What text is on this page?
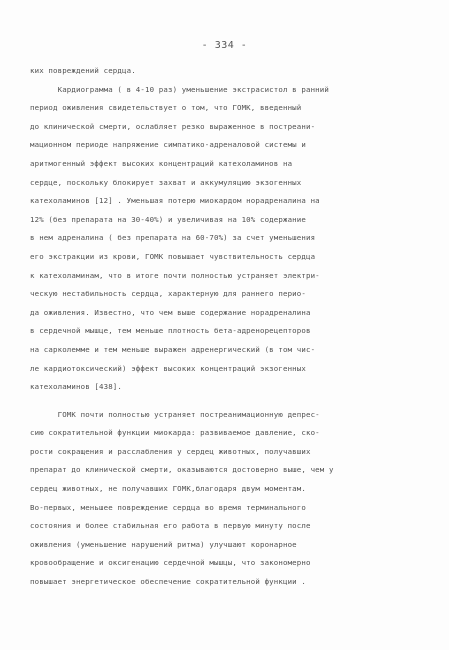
- 334 -
ких повреждений сердца.
Кардиограмма ( в 4-10 раз) уменьшение экстрасистол в ранний
период оживления свидетельствует о том, что ГОМК, введенный
до клинической смерти, ослабляет резко выраженное в постреани-
мационном периоде напряжение симпатико-адреналовой системы и
аритмогенный эффект высоких концентраций катехоламинов на
сердце, поскольку блокирует захват и аккумуляцию экзогенных
катехоламинов [12] . Уменьшая потерю миокардом норадреналина на
12% (без препарата на 30-40%) и увеличивая на 10% содержание
в нем адреналина ( без препарата на 60-70%) за счет уменьшения
его экстракции из крови, ГОМК повышает чувствительность сердца
к катехоламинам, что в итоге почти полностью устраняет электри-
ческую нестабильность сердца, характерную для раннего перио-
да оживления. Известно, что чем выше содержание норадреналина
в сердечной мышце, тем меньше плотность бета-адренорецепторов
на сарколемме и тем меньше выражен адренергический (в том чис-
ле кардиотоксический) эффект высоких концентраций экзогенных
катехоламинов [438].
ГОМК почти полностью устраняет постреанимационную депрес-
сию сократительной функции миокарда: развиваемое давление, ско-
рости сокращения и расслабления у сердец животных, получавших
препарат до клинической смерти, оказываются достоверно выше, чем у
сердец животных, не получавших ГОМК,благодаря двум моментам.
Во-первых, меньшее повреждение сердца во время терминального
состояния и более стабильная его работа в первую минуту после
оживления (уменьшение нарушений ритма) улучшают коронарное
кровообращение и оксигенацию сердечной мышцы, что закономерно
повышает энергетическое обеспечение сократительной функции .
